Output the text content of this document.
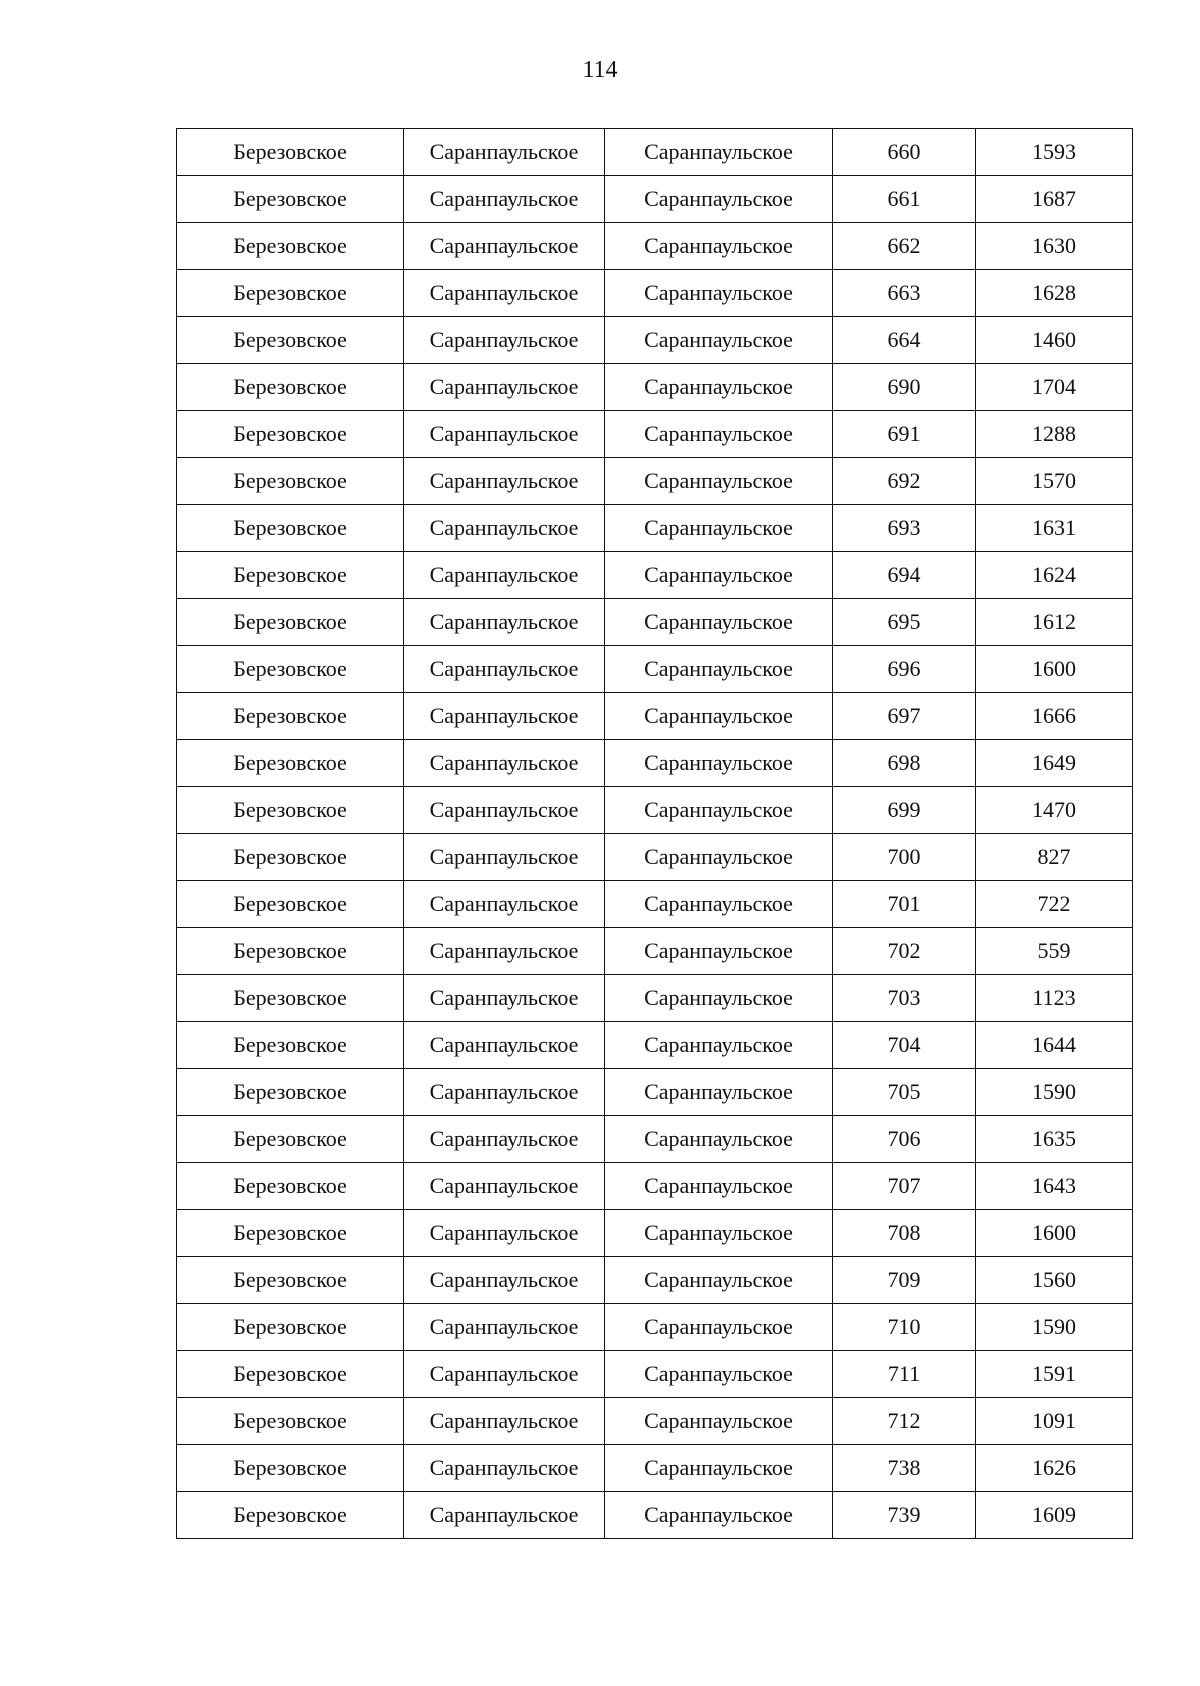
114
Березовское	Саранпаульское	Саранпаульское	660	1593
Березовское	Саранпаульское	Саранпаульское	661	1687
Березовское	Саранпаульское	Саранпаульское	662	1630
Березовское	Саранпаульское	Саранпаульское	663	1628
Березовское	Саранпаульское	Саранпаульское	664	1460
Березовское	Саранпаульское	Саранпаульское	690	1704
Березовское	Саранпаульское	Саранпаульское	691	1288
Березовское	Саранпаульское	Саранпаульское	692	1570
Березовское	Саранпаульское	Саранпаульское	693	1631
Березовское	Саранпаульское	Саранпаульское	694	1624
Березовское	Саранпаульское	Саранпаульское	695	1612
Березовское	Саранпаульское	Саранпаульское	696	1600
Березовское	Саранпаульское	Саранпаульское	697	1666
Березовское	Саранпаульское	Саранпаульское	698	1649
Березовское	Саранпаульское	Саранпаульское	699	1470
Березовское	Саранпаульское	Саранпаульское	700	827
Березовское	Саранпаульское	Саранпаульское	701	722
Березовское	Саранпаульское	Саранпаульское	702	559
Березовское	Саранпаульское	Саранпаульское	703	1123
Березовское	Саранпаульское	Саранпаульское	704	1644
Березовское	Саранпаульское	Саранпаульское	705	1590
Березовское	Саранпаульское	Саранпаульское	706	1635
Березовское	Саранпаульское	Саранпаульское	707	1643
Березовское	Саранпаульское	Саранпаульское	708	1600
Березовское	Саранпаульское	Саранпаульское	709	1560
Березовское	Саранпаульское	Саранпаульское	710	1590
Березовское	Саранпаульское	Саранпаульское	711	1591
Березовское	Саранпаульское	Саранпаульское	712	1091
Березовское	Саранпаульское	Саранпаульское	738	1626
Березовское	Саранпаульское	Саранпаульское	739	1609
